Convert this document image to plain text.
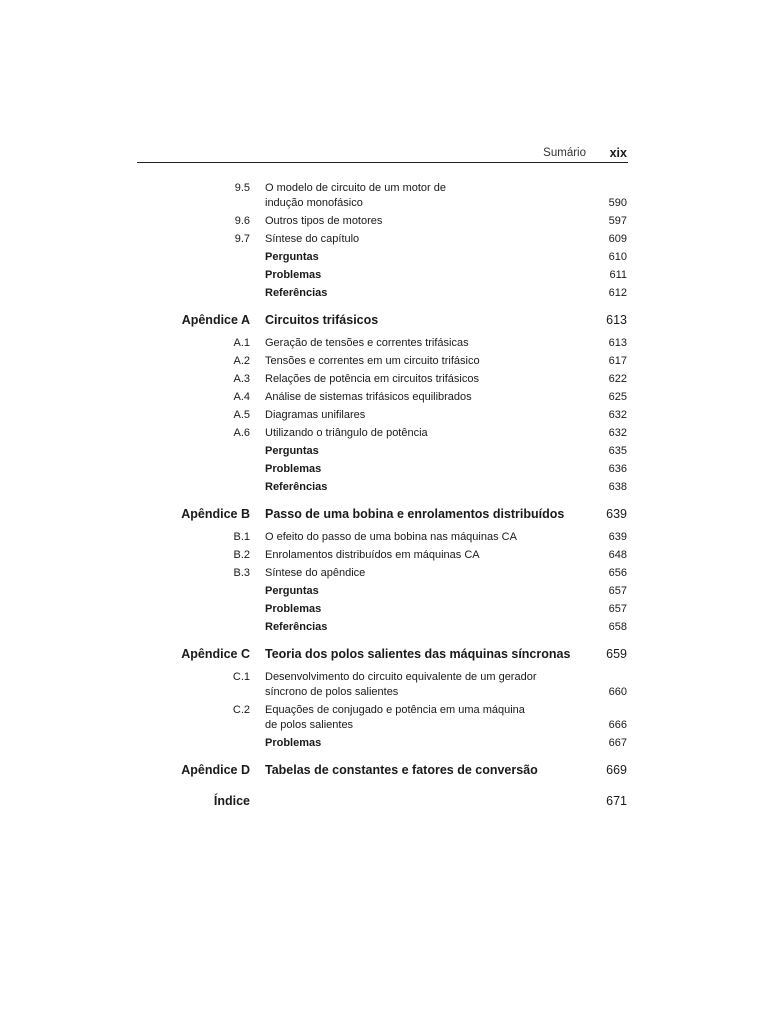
Sumário xix
9.5 O modelo de circuito de um motor de indução monofásico	590
9.6 Outros tipos de motores	597
9.7 Síntese do capítulo	609
Perguntas	610
Problemas	611
Referências	612
Apêndice A Circuitos trifásicos	613
A.1 Geração de tensões e correntes trifásicas	613
A.2 Tensões e correntes em um circuito trifásico	617
A.3 Relações de potência em circuitos trifásicos	622
A.4 Análise de sistemas trifásicos equilibrados	625
A.5 Diagramas unifilares	632
A.6 Utilizando o triângulo de potência	632
Perguntas	635
Problemas	636
Referências	638
Apêndice B Passo de uma bobina e enrolamentos distribuídos	639
B.1 O efeito do passo de uma bobina nas máquinas CA	639
B.2 Enrolamentos distribuídos em máquinas CA	648
B.3 Síntese do apêndice	656
Perguntas	657
Problemas	657
Referências	658
Apêndice C Teoria dos polos salientes das máquinas síncronas	659
C.1 Desenvolvimento do circuito equivalente de um gerador síncrono de polos salientes	660
C.2 Equações de conjugado e potência em uma máquina de polos salientes	666
Problemas	667
Apêndice D Tabelas de constantes e fatores de conversão	669
Índice	671
